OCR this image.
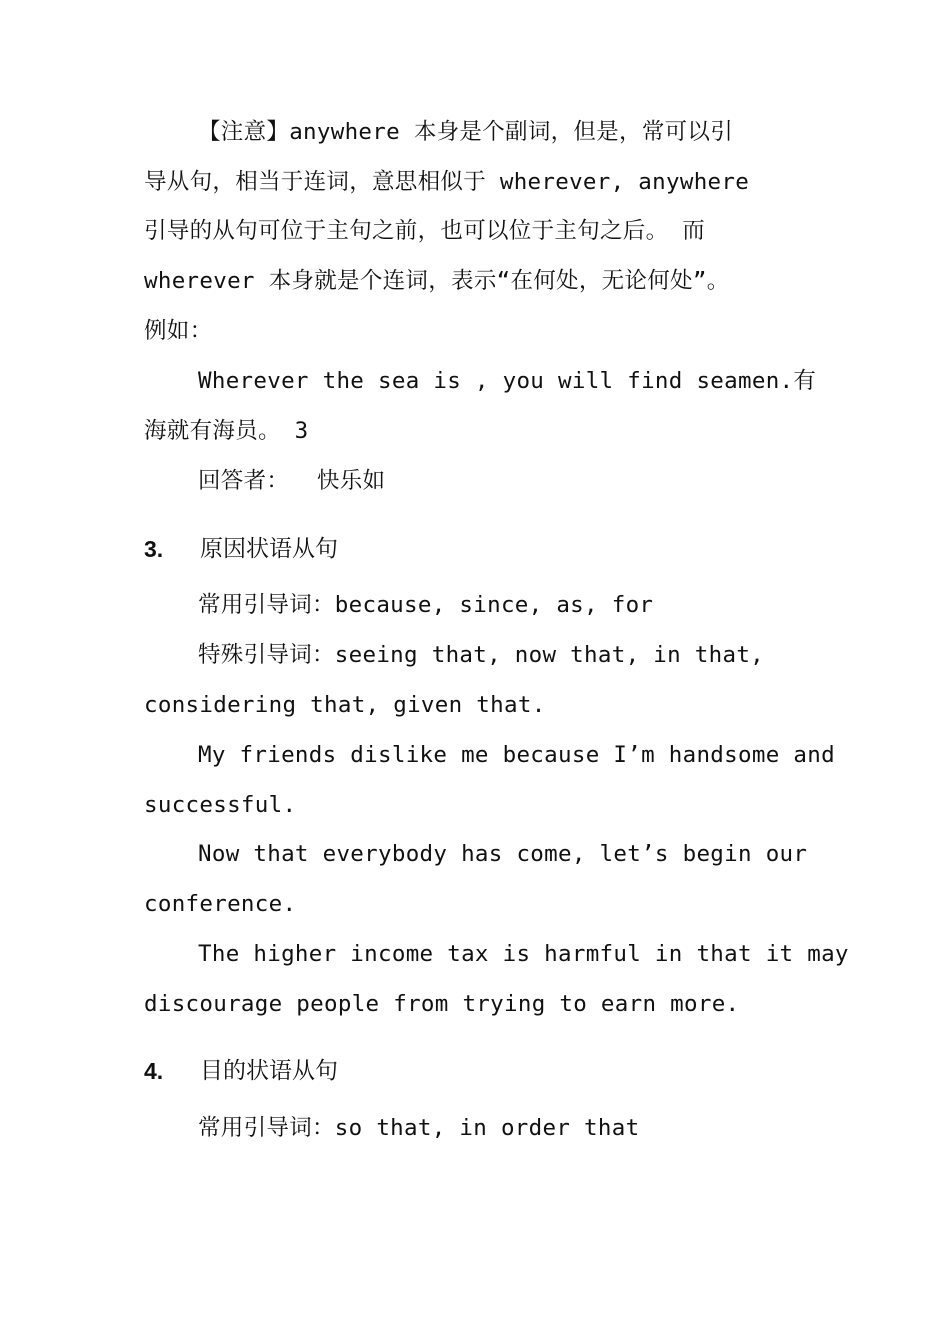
【注意】anywhere 本身是个副词，但是，常可以引
导从句，相当于连词，意思相似于 wherever, anywhere
引导的从句可位于主句之前，也可以位于主句之后。 而
wherever 本身就是个连词，表示“在何处，无论何处”。
例如：
Wherever the sea is , you will find seamen.有
海就有海员。 3
回答者：  快乐如
3. 原因状语从句
常用引导词：because, since, as, for
特殊引导词：seeing that, now that, in that,
considering that, given that.
My friends dislike me because I’m handsome and
successful.
Now that everybody has come, let’s begin our
conference.
The higher income tax is harmful in that it may
discourage people from trying to earn more.
4. 目的状语从句
常用引导词：so that, in order that
